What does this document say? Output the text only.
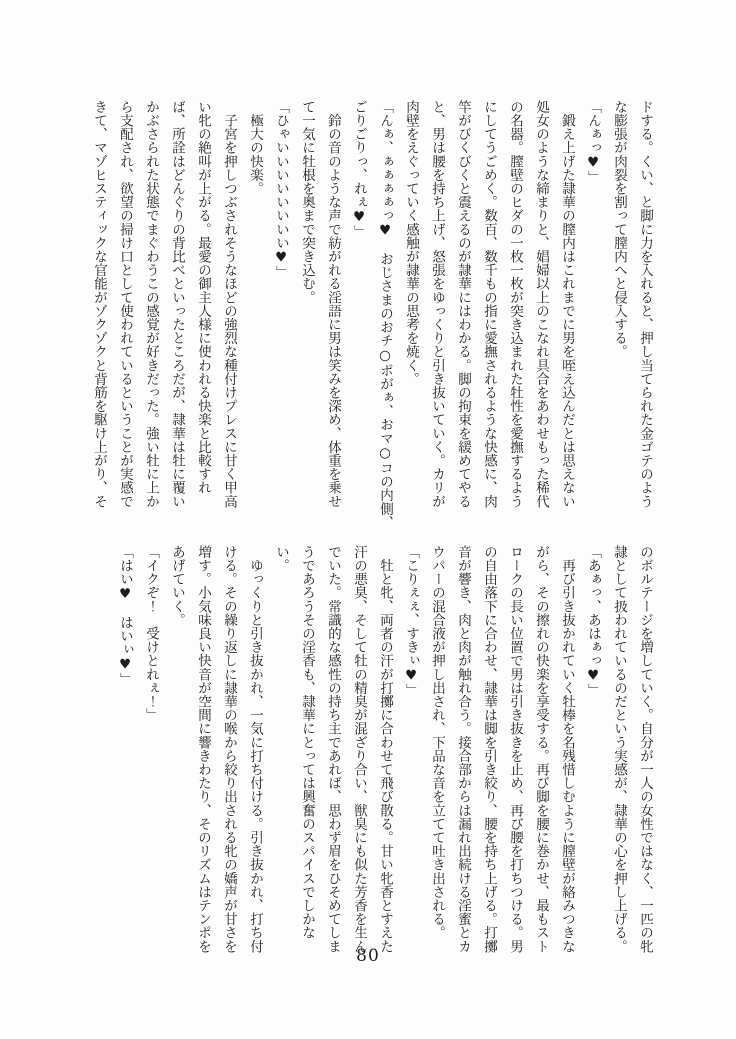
ドする。くい、と脚に力を入れると、押し当てられた金ゴテのよう
な膨張が肉裂を割って膣内へと侵入する。
「んぁっ♥」
　鍛え上げた隷華の膣内はこれまでに男を咥え込んだとは思えない
処女のような締まりと、娼婦以上のこなれ具合をあわせもった稀代
の名器。膣壁のヒダの一枚一枚が突き込まれた牡性を愛撫するよう
にしてうごめく。数百、数千もの指に愛撫されるような快感に、肉
竿がびくびくと震えるのが隷華にはわかる。脚の拘束を緩めてやる
と、男は腰を持ち上げ、怒張をゆっくりと引き抜いていく。カリが
肉壁をえぐっていく感触が隷華の思考を焼く。
「んぁ、ぁぁぁぁっ♥　おじさまのおチ○ポがぁ、おマ○コの内側、
ごりごりっ、れぇ♥」
　鈴の音のような声で紡がれる淫語に男は笑みを深め、体重を乗せ
て一気に牡根を奥まで突き込む。
「ひゃいいいいいいいい♥」
　極大の快楽。
　子宮を押しつぶされそうなほどの強烈な種付けプレスに甘く甲高
い牝の絶叫が上がる。最愛の御主人様に使われる快楽と比較すれ
ば、所詮はどんぐりの背比べといったところだが、隷華は牡に覆い
かぶさられた状態でまぐわうこの感覚が好きだった。強い牡に上か
ら支配され、欲望の掃け口として使われているということが実感で
きて、マゾヒスティックな官能がゾクゾクと背筋を駆け上がり、そ
のボルテージを増していく。自分が一人の女性ではなく、一匹の牝
隷として扱われているのだという実感が、隷華の心を押し上げる。
「あぁっ、あはぁっ♥」
　再び引き抜かれていく牡棒を名残惜しむように膣壁が絡みつきな
がら、その擦れの快楽を享受する。再び脚を腰に巻かせ、最もスト
ロークの長い位置で男は引き抜きを止め、再び腰を打ちつける。男
の自由落下に合わせ、隷華は脚を引き絞り、腰を持ち上げる。打擲
音が響き、肉と肉が触れ合う。接合部からは漏れ出続ける淫蜜とカ
ウパーの混合液が押し出され、下品な音を立てて吐き出される。
「こりぇぇ、すきぃ♥」
　牡と牝、両者の汗が打擲に合わせて飛び散る。甘い牝香とすえた
汗の悪臭、そして牡の精臭が混ざり合い、獣臭にも似た芳香を生ん
でいた。常識的な感性の持ち主であれば、思わず眉をひそめてしま
うであろうその淫香も、隷華にとっては興奮のスパイスでしかな
い。
　ゆっくりと引き抜かれ、一気に打ち付ける。引き抜かれ、打ち付
ける。その繰り返しに隷華の喉から絞り出される牝の嬌声が甘さを
増す。小気味良い快音が空間に響きわたり、そのリズムはテンポを
あげていく。
「イクぞ！　受けとれぇ！」
「はい♥　はいぃ♥」
80
